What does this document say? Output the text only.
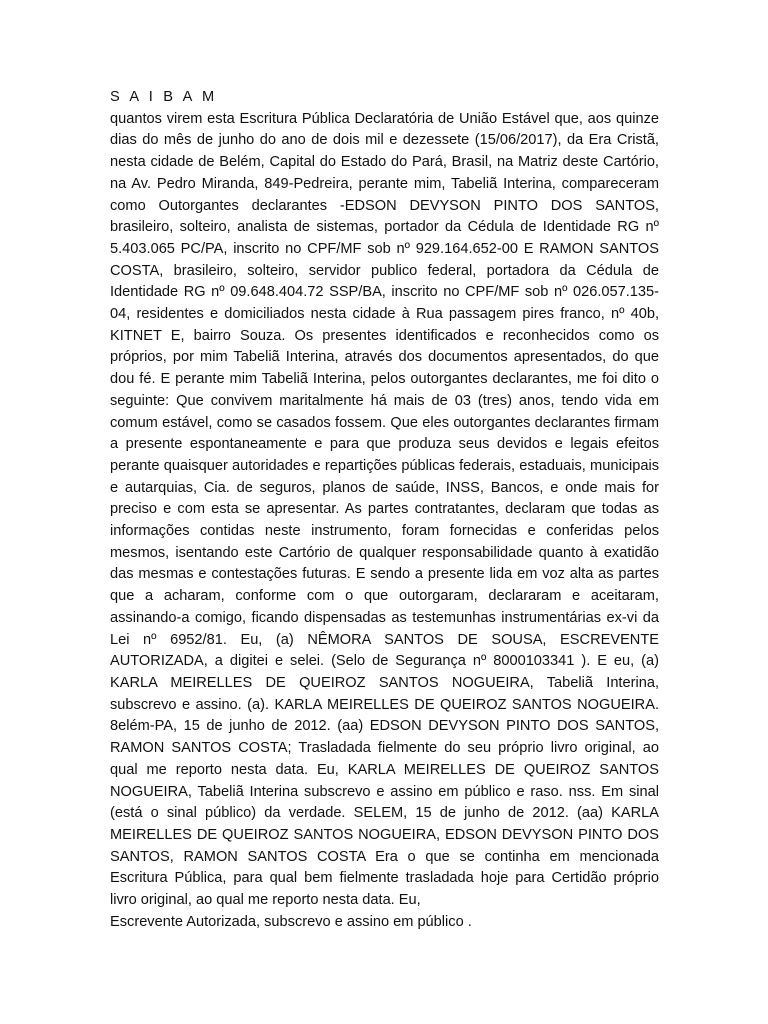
S A I B A M

quantos virem esta Escritura Pública Declaratória de União Estável que, aos quinze dias do mês de junho do ano de dois mil e dezessete (15/06/2017), da Era Cristã, nesta cidade de Belém, Capital do Estado do Pará, Brasil, na Matriz deste Cartório, na Av. Pedro Miranda, 849-Pedreira, perante mim, Tabeliã Interina, compareceram como Outorgantes declarantes -EDSON DEVYSON PINTO DOS SANTOS, brasileiro, solteiro, analista de sistemas, portador da Cédula de Identidade RG nº 5.403.065 PC/PA, inscrito no CPF/MF sob nº 929.164.652-00 E RAMON SANTOS COSTA, brasileiro, solteiro, servidor publico federal, portadora da Cédula de Identidade RG nº 09.648.404.72 SSP/BA, inscrito no CPF/MF sob nº 026.057.135-04, residentes e domiciliados nesta cidade à Rua passagem pires franco, nº 40b, KITNET E, bairro Souza. Os presentes identificados e reconhecidos como os próprios, por mim Tabeliã Interina, através dos documentos apresentados, do que dou fé. E perante mim Tabeliã Interina, pelos outorgantes declarantes, me foi dito o seguinte: Que convivem maritalmente há mais de 03 (tres) anos, tendo vida em comum estável, como se casados fossem. Que eles outorgantes declarantes firmam a presente espontaneamente e para que produza seus devidos e legais efeitos perante quaisquer autoridades e repartições públicas federais, estaduais, municipais e autarquias, Cia. de seguros, planos de saúde, INSS, Bancos, e onde mais for preciso e com esta se apresentar. As partes contratantes, declaram que todas as informações contidas neste instrumento, foram fornecidas e conferidas pelos mesmos, isentando este Cartório de qualquer responsabilidade quanto à exatidão das mesmas e contestações futuras. E sendo a presente lida em voz alta as partes que a acharam, conforme com o que outorgaram, declararam e aceitaram, assinando-a comigo, ficando dispensadas as testemunhas instrumentárias ex-vi da Lei nº 6952/81. Eu, (a) NÊMORA SANTOS DE SOUSA, ESCREVENTE AUTORIZADA, a digitei e selei. (Selo de Segurança nº 8000103341 ). E eu, (a) KARLA MEIRELLES DE QUEIROZ SANTOS NOGUEIRA, Tabeliã Interina, subscrevo e assino. (a). KARLA MEIRELLES DE QUEIROZ SANTOS NOGUEIRA. 8elém-PA, 15 de junho de 2012. (aa) EDSON DEVYSON PINTO DOS SANTOS, RAMON SANTOS COSTA; Trasladada fielmente do seu próprio livro original, ao qual me reporto nesta data. Eu, KARLA MEIRELLES DE QUEIROZ SANTOS NOGUEIRA, Tabeliã Interina subscrevo e assino em público e raso. nss. Em sinal (está o sinal público) da verdade. SELEM, 15 de junho de 2012. (aa) KARLA MEIRELLES DE QUEIROZ SANTOS NOGUEIRA, EDSON DEVYSON PINTO DOS SANTOS, RAMON SANTOS COSTA Era o que se continha em mencionada Escritura Pública, para qual bem fielmente trasladada hoje para Certidão próprio livro original, ao qual me reporto nesta data. Eu,

Escrevente Autorizada, subscrevo e assino em público .
